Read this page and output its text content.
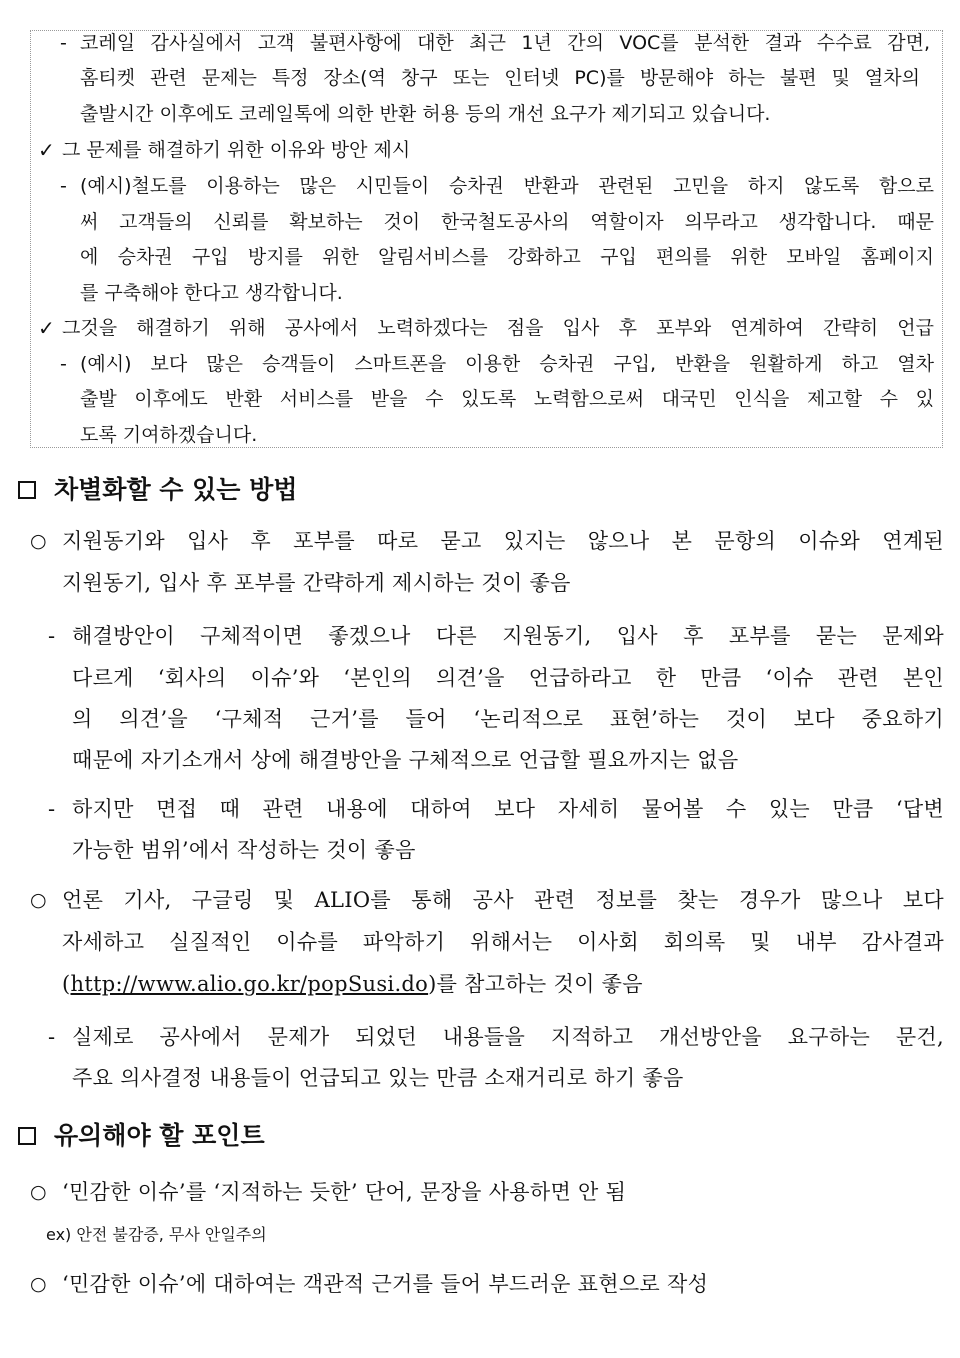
- 코레일 감사실에서 고객 불편사항에 대한 최근 1년 간의 VOC를 분석한 결과 수수료 감면,
홈티켓 관련 문제는 특정 장소(역 창구 또는 인터넷 PC)를 방문해야 하는 불편 및 열차의
출발시간 이후에도 코레일톡에 의한 반환 허용 등의 개선 요구가 제기되고 있습니다.
✓ 그 문제를 해결하기 위한 이유와 방안 제시
- (예시)철도를 이용하는 많은 시민들이 승차권 반환과 관련된 고민을 하지 않도록 함으로
써 고객들의 신뢰를 확보하는 것이 한국철도공사의 역할이자 의무라고 생각합니다. 때문
에 승차권 구입 방지를 위한 알림서비스를 강화하고 구입 편의를 위한 모바일 홈페이지
를 구축해야 한다고 생각합니다.
✓ 그것을 해결하기 위해 공사에서 노력하겠다는 점을 입사 후 포부와 연계하여 간략히 언급
- (예시) 보다 많은 승객들이 스마트폰을 이용한 승차권 구입, 반환을 원활하게 하고 열차
출발 이후에도 반환 서비스를 받을 수 있도록 노력함으로써 대국민 인식을 제고할 수 있
도록 기여하겠습니다.
차별화할 수 있는 방법
○ 지원동기와 입사 후 포부를 따로 묻고 있지는 않으나 본 문항의 이슈와 연계된
지원동기, 입사 후 포부를 간략하게 제시하는 것이 좋음
- 해결방안이 구체적이면 좋겠으나 다른 지원동기, 입사 후 포부를 묻는 문제와
다르게 ‘회사의 이슈’와 ‘본인의 의견’을 언급하라고 한 만큼 ‘이슈 관련 본인
의 의견’을 ‘구체적 근거’를 들어 ‘논리적으로 표현’하는 것이 보다 중요하기
때문에 자기소개서 상에 해결방안을 구체적으로 언급할 필요까지는 없음
- 하지만 면접 때 관련 내용에 대하여 보다 자세히 물어볼 수 있는 만큼 ‘답변
가능한 범위’에서 작성하는 것이 좋음
○ 언론 기사, 구글링 및 ALIO를 통해 공사 관련 정보를 찾는 경우가 많으나 보다
자세하고 실질적인 이슈를 파악하기 위해서는 이사회 회의록 및 내부 감사결과
(http://www.alio.go.kr/popSusi.do)를 참고하는 것이 좋음
- 실제로 공사에서 문제가 되었던 내용들을 지적하고 개선방안을 요구하는 문건,
주요 의사결정 내용들이 언급되고 있는 만큼 소재거리로 하기 좋음
유의해야 할 포인트
○ ‘민감한 이슈’를 ‘지적하는 듯한’ 단어, 문장을 사용하면 안 됨
ex) 안전 불감증, 무사 안일주의
○ ‘민감한 이슈’에 대하여는 객관적 근거를 들어 부드러운 표현으로 작성
